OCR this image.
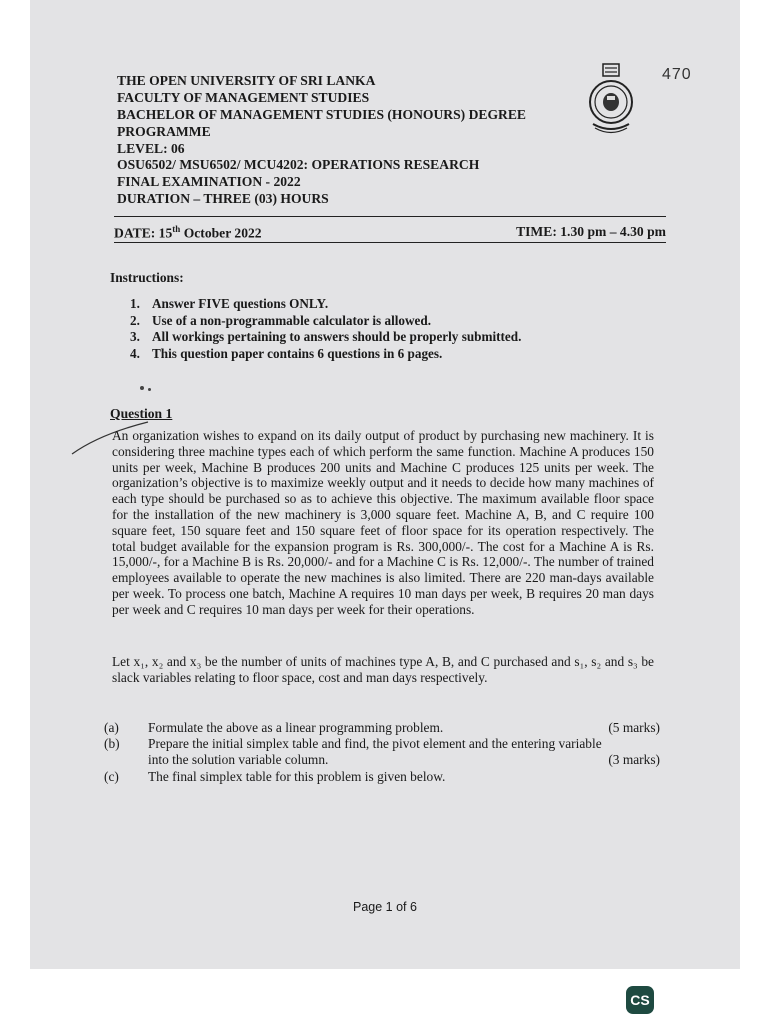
470
THE OPEN UNIVERSITY OF SRI LANKA
FACULTY OF MANAGEMENT STUDIES
BACHELOR OF MANAGEMENT STUDIES (HONOURS) DEGREE
PROGRAMME
LEVEL: 06
OSU6502/ MSU6502/ MCU4202: OPERATIONS RESEARCH
FINAL EXAMINATION - 2022
DURATION – THREE (03) HOURS
DATE: 15th October 2022	TIME: 1.30 pm – 4.30 pm
Instructions:
1. Answer FIVE questions ONLY.
2. Use of a non-programmable calculator is allowed.
3. All workings pertaining to answers should be properly submitted.
4. This question paper contains 6 questions in 6 pages.
Question 1
An organization wishes to expand on its daily output of product by purchasing new machinery. It is considering three machine types each of which perform the same function. Machine A produces 150 units per week, Machine B produces 200 units and Machine C produces 125 units per week. The organization’s objective is to maximize weekly output and it needs to decide how many machines of each type should be purchased so as to achieve this objective. The maximum available floor space for the installation of the new machinery is 3,000 square feet. Machine A, B, and C require 100 square feet, 150 square feet and 150 square feet of floor space for its operation respectively. The total budget available for the expansion program is Rs. 300,000/-. The cost for a Machine A is Rs. 15,000/-, for a Machine B is Rs. 20,000/- and for a Machine C is Rs. 12,000/-. The number of trained employees available to operate the new machines is also limited. There are 220 man-days available per week. To process one batch, Machine A requires 10 man days per week, B requires 20 man days per week and C requires 10 man days per week for their operations.
Let x₁, x₂ and x₃ be the number of units of machines type A, B, and C purchased and s₁, s₂ and s₃ be slack variables relating to floor space, cost and man days respectively.
(a) Formulate the above as a linear programming problem.	(5 marks)
(b) Prepare the initial simplex table and find, the pivot element and the entering variable
into the solution variable column.	(3 marks)
(c) The final simplex table for this problem is given below.
Page 1 of 6
CS
